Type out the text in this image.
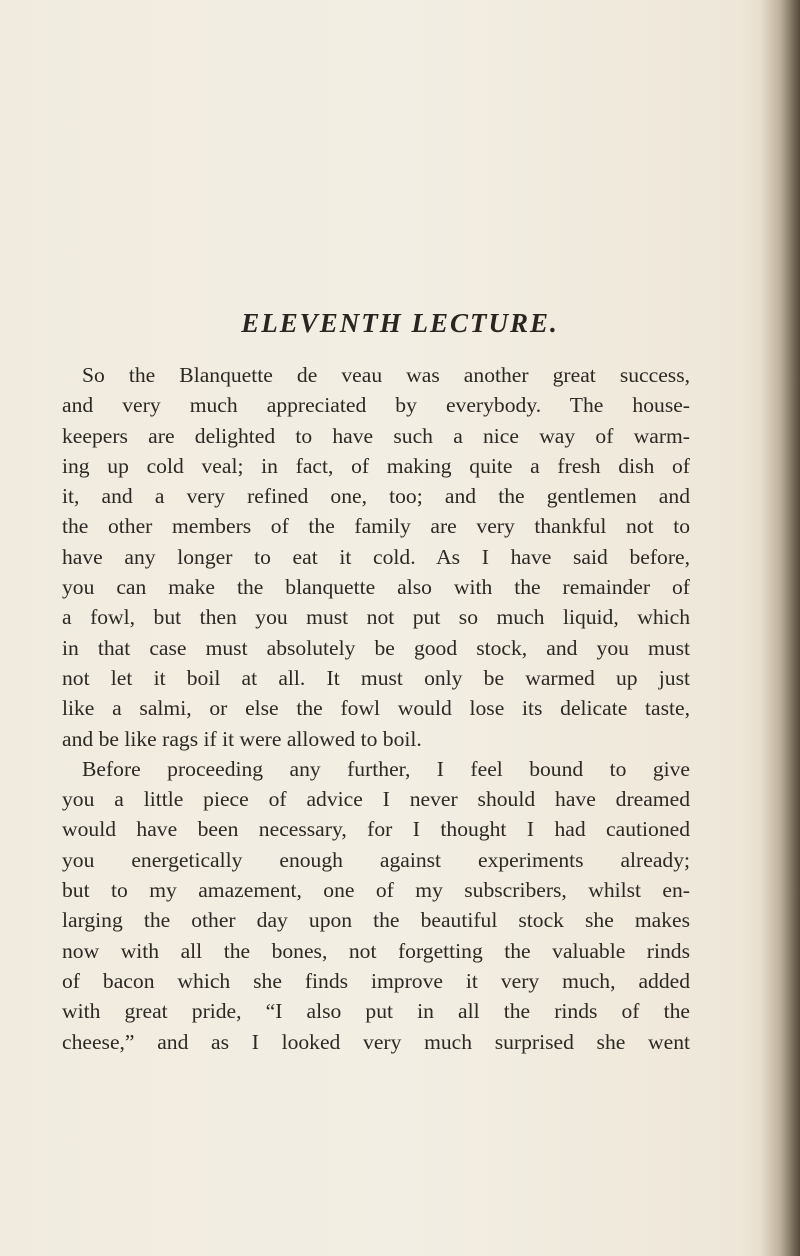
ELEVENTH LECTURE.

So the Blanquette de veau was another great success,
and very much appreciated by everybody. The house-
keepers are delighted to have such a nice way of warm-
ing up cold veal; in fact, of making quite a fresh dish of
it, and a very refined one, too; and the gentlemen and
the other members of the family are very thankful not to
have any longer to eat it cold. As I have said before,
you can make the blanquette also with the remainder of
a fowl, but then you must not put so much liquid, which
in that case must absolutely be good stock, and you must
not let it boil at all. It must only be warmed up just
like a salmi, or else the fowl would lose its delicate taste,
and be like rags if it were allowed to boil.

Before proceeding any further, I feel bound to give
you a little piece of advice I never should have dreamed
would have been necessary, for I thought I had cautioned
you energetically enough against experiments already;
but to my amazement, one of my subscribers, whilst en-
larging the other day upon the beautiful stock she makes
now with all the bones, not forgetting the valuable rinds
of bacon which she finds improve it very much, added
with great pride, “I also put in all the rinds of the
cheese,” and as I looked very much surprised she went
